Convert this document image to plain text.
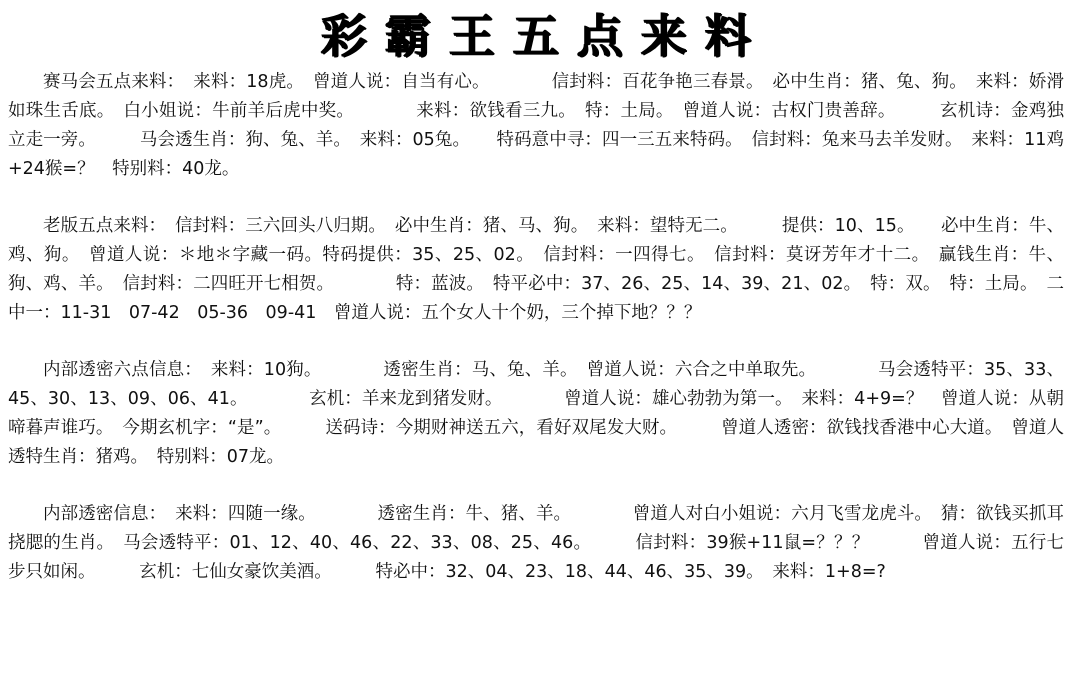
彩霸王五点来料

赛马会五点来料：　来料：18虎。　曾道人说：自当有心。　　　　信封料：百花争艳三春景。　必中生肖：猪、兔、狗。　来料：娇滑如珠生舌底。　白小姐说：牛前羊后虎中奖。　　　　来料：欲钱看三九。　特：土局。　曾道人说：古权门贵善辞。　　　玄机诗：金鸡独立走一旁。　　　马会透生肖：狗、兔、羊。　来料：05兔。　　特码意中寻：四一三五来特码。　信封料：兔来马去羊发财。　来料：11鸡+24猴=？　特别料：40龙。

老版五点来料：　信封料：三六回头八归期。　必中生肖：猪、马、狗。　来料：望特无二。　　　提供：10、15。　　必中生肖：牛、鸡、狗。　曾道人说：＊地＊字藏一码。特码提供：35、25、02。　信封料：一四得七。　信封料：莫讶芳年才十二。　赢钱生肖：牛、狗、鸡、羊。　信封料：二四旺开七相贺。　　　　特：蓝波。　特平必中：37、26、25、14、39、21、02。　特：双。　特：土局。　二中一：11-31　07-42　05-36　09-41　曾道人说：五个女人十个奶，三个掉下地？？？

内部透密六点信息：　来料：10狗。　　　　透密生肖：马、兔、羊。　曾道人说：六合之中单取先。　　　　马会透特平：35、33、45、30、13、09、06、41。　　　　玄机：羊来龙到猪发财。　　　　曾道人说：雄心勃勃为第一。　来料：4+9=？　曾道人说：从朝啼暮声谁巧。　今期玄机字：“是”。　　　送码诗：今期财神送五六，看好双尾发大财。　　　曾道人透密：欲钱找香港中心大道。　曾道人透特生肖：猪鸡。　特别料：07龙。

内部透密信息：　来料：四随一缘。　　　　透密生肖：牛、猪、羊。　　　　曾道人对白小姐说：六月飞雪龙虎斗。　猜：欲钱买抓耳挠腮的生肖。　马会透特平：01、12、40、46、22、33、08、25、46。　　　信封料：39猴+11鼠=？？？　　　曾道人说：五行七步只如闲。　　　玄机：七仙女豪饮美酒。　　　特必中：32、04、23、18、44、46、35、39。　来料：1+8=?
